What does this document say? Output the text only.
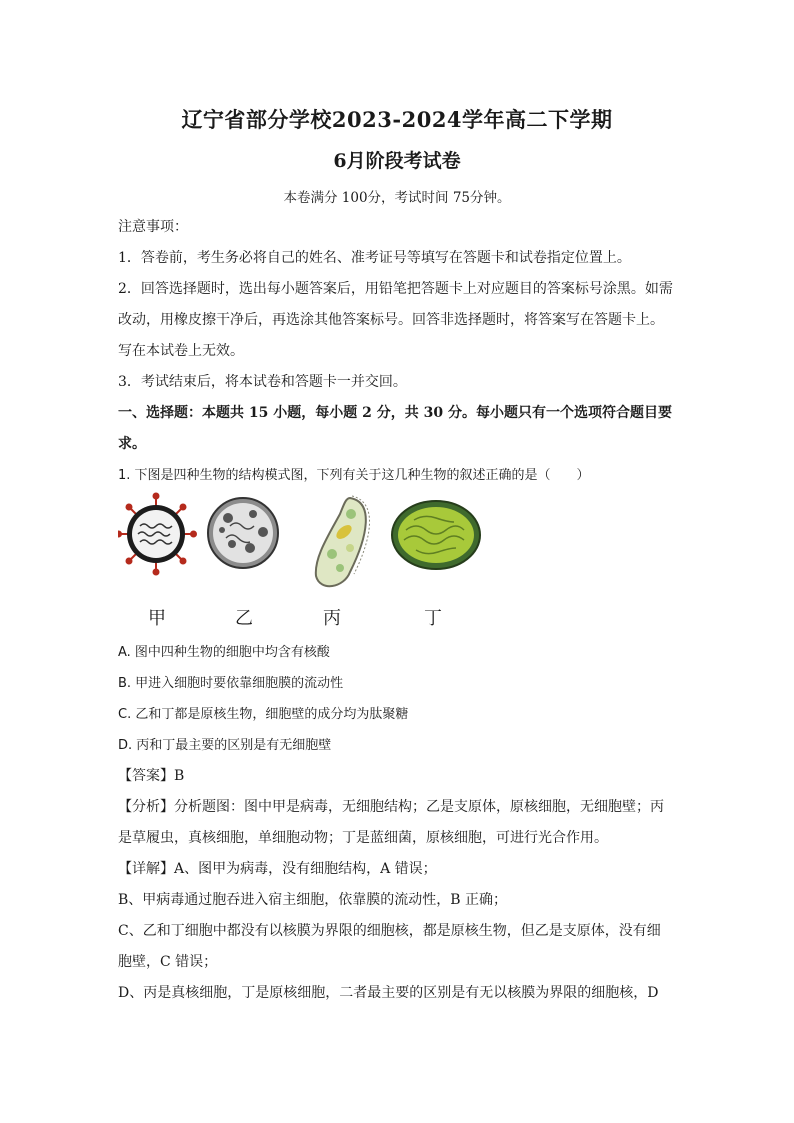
辽宁省部分学校2023-2024学年高二下学期
6月阶段考试卷
本卷满分 100分，考试时间 75分钟。
注意事项：
1．答卷前，考生务必将自己的姓名、准考证号等填写在答题卡和试卷指定位置上。
2．回答选择题时，选出每小题答案后，用铅笔把答题卡上对应题目的答案标号涂黑。如需
改动，用橡皮擦干净后，再选涂其他答案标号。回答非选择题时，将答案写在答题卡上。
写在本试卷上无效。
3．考试结束后，将本试卷和答题卡一并交回。
一、选择题：本题共 15 小题，每小题 2 分，共 30 分。每小题只有一个选项符合题目要
求。
1. 下图是四种生物的结构模式图，下列有关于这几种生物的叙述正确的是（　　）
甲	乙	丙	丁
A. 图中四种生物的细胞中均含有核酸
B. 甲进入细胞时要依靠细胞膜的流动性
C. 乙和丁都是原核生物，细胞壁的成分均为肽聚糖
D. 丙和丁最主要的区别是有无细胞壁
【答案】B
【分析】分析题图：图中甲是病毒，无细胞结构；乙是支原体，原核细胞，无细胞壁；丙
是草履虫，真核细胞，单细胞动物；丁是蓝细菌，原核细胞，可进行光合作用。
【详解】A、图甲为病毒，没有细胞结构，A 错误；
B、甲病毒通过胞吞进入宿主细胞，依靠膜的流动性，B 正确；
C、乙和丁细胞中都没有以核膜为界限的细胞核，都是原核生物，但乙是支原体，没有细
胞壁，C 错误；
D、丙是真核细胞，丁是原核细胞，二者最主要的区别是有无以核膜为界限的细胞核，D
